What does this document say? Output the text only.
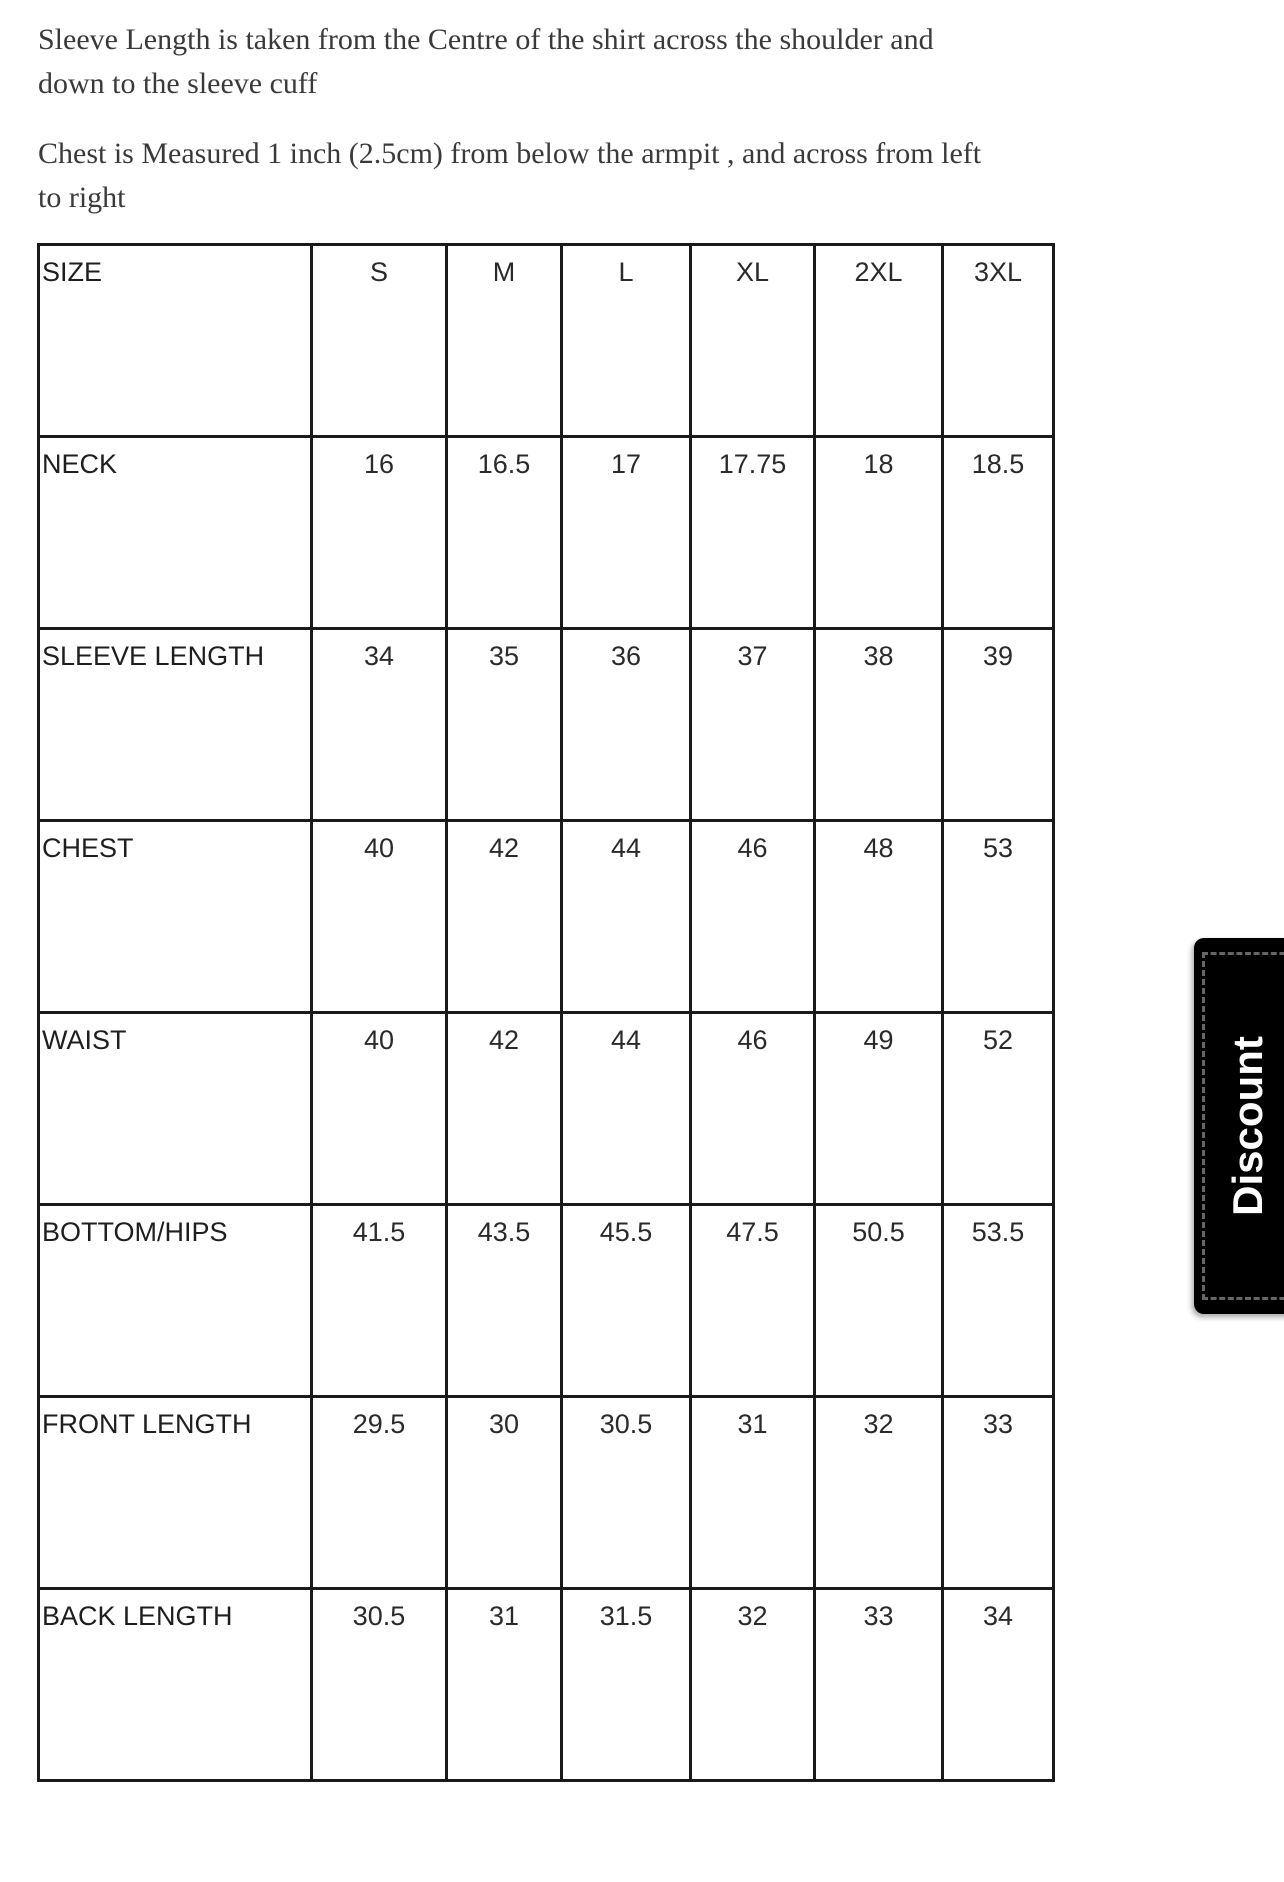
Sleeve Length is taken from the Centre of the shirt across the shoulder and down to the sleeve cuff

Chest is Measured 1 inch (2.5cm) from below the armpit , and across from left to right

SIZE	S	M	L	XL	2XL	3XL
NECK	16	16.5	17	17.75	18	18.5
SLEEVE LENGTH	34	35	36	37	38	39
CHEST	40	42	44	46	48	53
WAIST	40	42	44	46	49	52
BOTTOM/HIPS	41.5	43.5	45.5	47.5	50.5	53.5
FRONT LENGTH	29.5	30	30.5	31	32	33
BACK LENGTH	30.5	31	31.5	32	33	34
Discount
